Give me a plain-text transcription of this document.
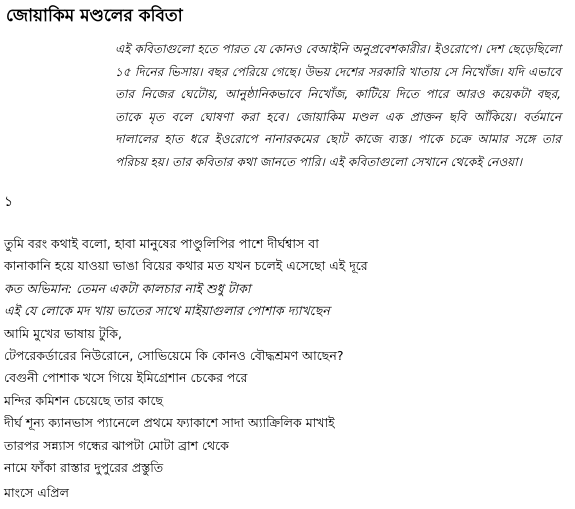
জোয়াকিম মণ্ডলের কবিতা
এই কবিতাগুলো হতে পারত যে কোনও বেআইনি অনুপ্রবেশকারীর। ইওরোপে। দেশ ছেড়েছিলো ১৫ দিনের ভিসায়। বছর পেরিয়ে গেছে। উভয় দেশের সরকারি খাতায় সে নিখোঁজ। যদি এভাবে তার নিজের ঘেটোয়, আনুষ্ঠানিকভাবে নিখোঁজ, কাটিয়ে দিতে পারে আরও কয়েকটা বছর, তাকে মৃত বলে ঘোষণা করা হবে। জোয়াকিম মণ্ডল এক প্রাক্তন ছবি আঁকিয়ে। বর্তমানে দালালের হাত ধরে ইওরোপে নানারকমের ছোট কাজে ব্যস্ত। পাকে চক্রে আমার সঙ্গে তার পরিচয় হয়। তার কবিতার কথা জানতে পারি। এই কবিতাগুলো সেখানে থেকেই নেওয়া।
১
তুমি বরং কথাই বলো, হাবা মানুষের পাণ্ডুলিপির পাশে দীর্ঘশ্বাস বা
কানাকানি হয়ে যাওয়া ভাঙা বিয়ের কথার মত যখন চলেই এসেছো এই দূরে
কত অভিমান: তেমন একটা কালচার নাই শুধু টাকা
এই যে লোকে মদ খায় ভাতের সাথে মাইয়াগুলার পোশাক দ্যাখছেন
আমি মুখের ভাষায় টুকি,
টেপরেকর্ডারের নিউরোনে, সোভিয়েমে কি কোনও বৌদ্ধশ্রমণ আছেন?
বেগুনী পোশাক খসে গিয়ে ইমিগ্রেশান চেকের পরে
মন্দির কমিশন চেয়েছে তার কাছে
দীর্ঘ শূন্য ক্যানভাস প্যানেলে প্রথমে ফ্যাকাশে সাদা অ্যাক্রিলিক মাখাই
তারপর সন্ন্যাস গন্ধের ঝাপটা মোটা ব্রাশ থেকে
নামে ফাঁকা রাস্তার দুপুরের প্রস্তুতি
মাংসে এপ্রিল
